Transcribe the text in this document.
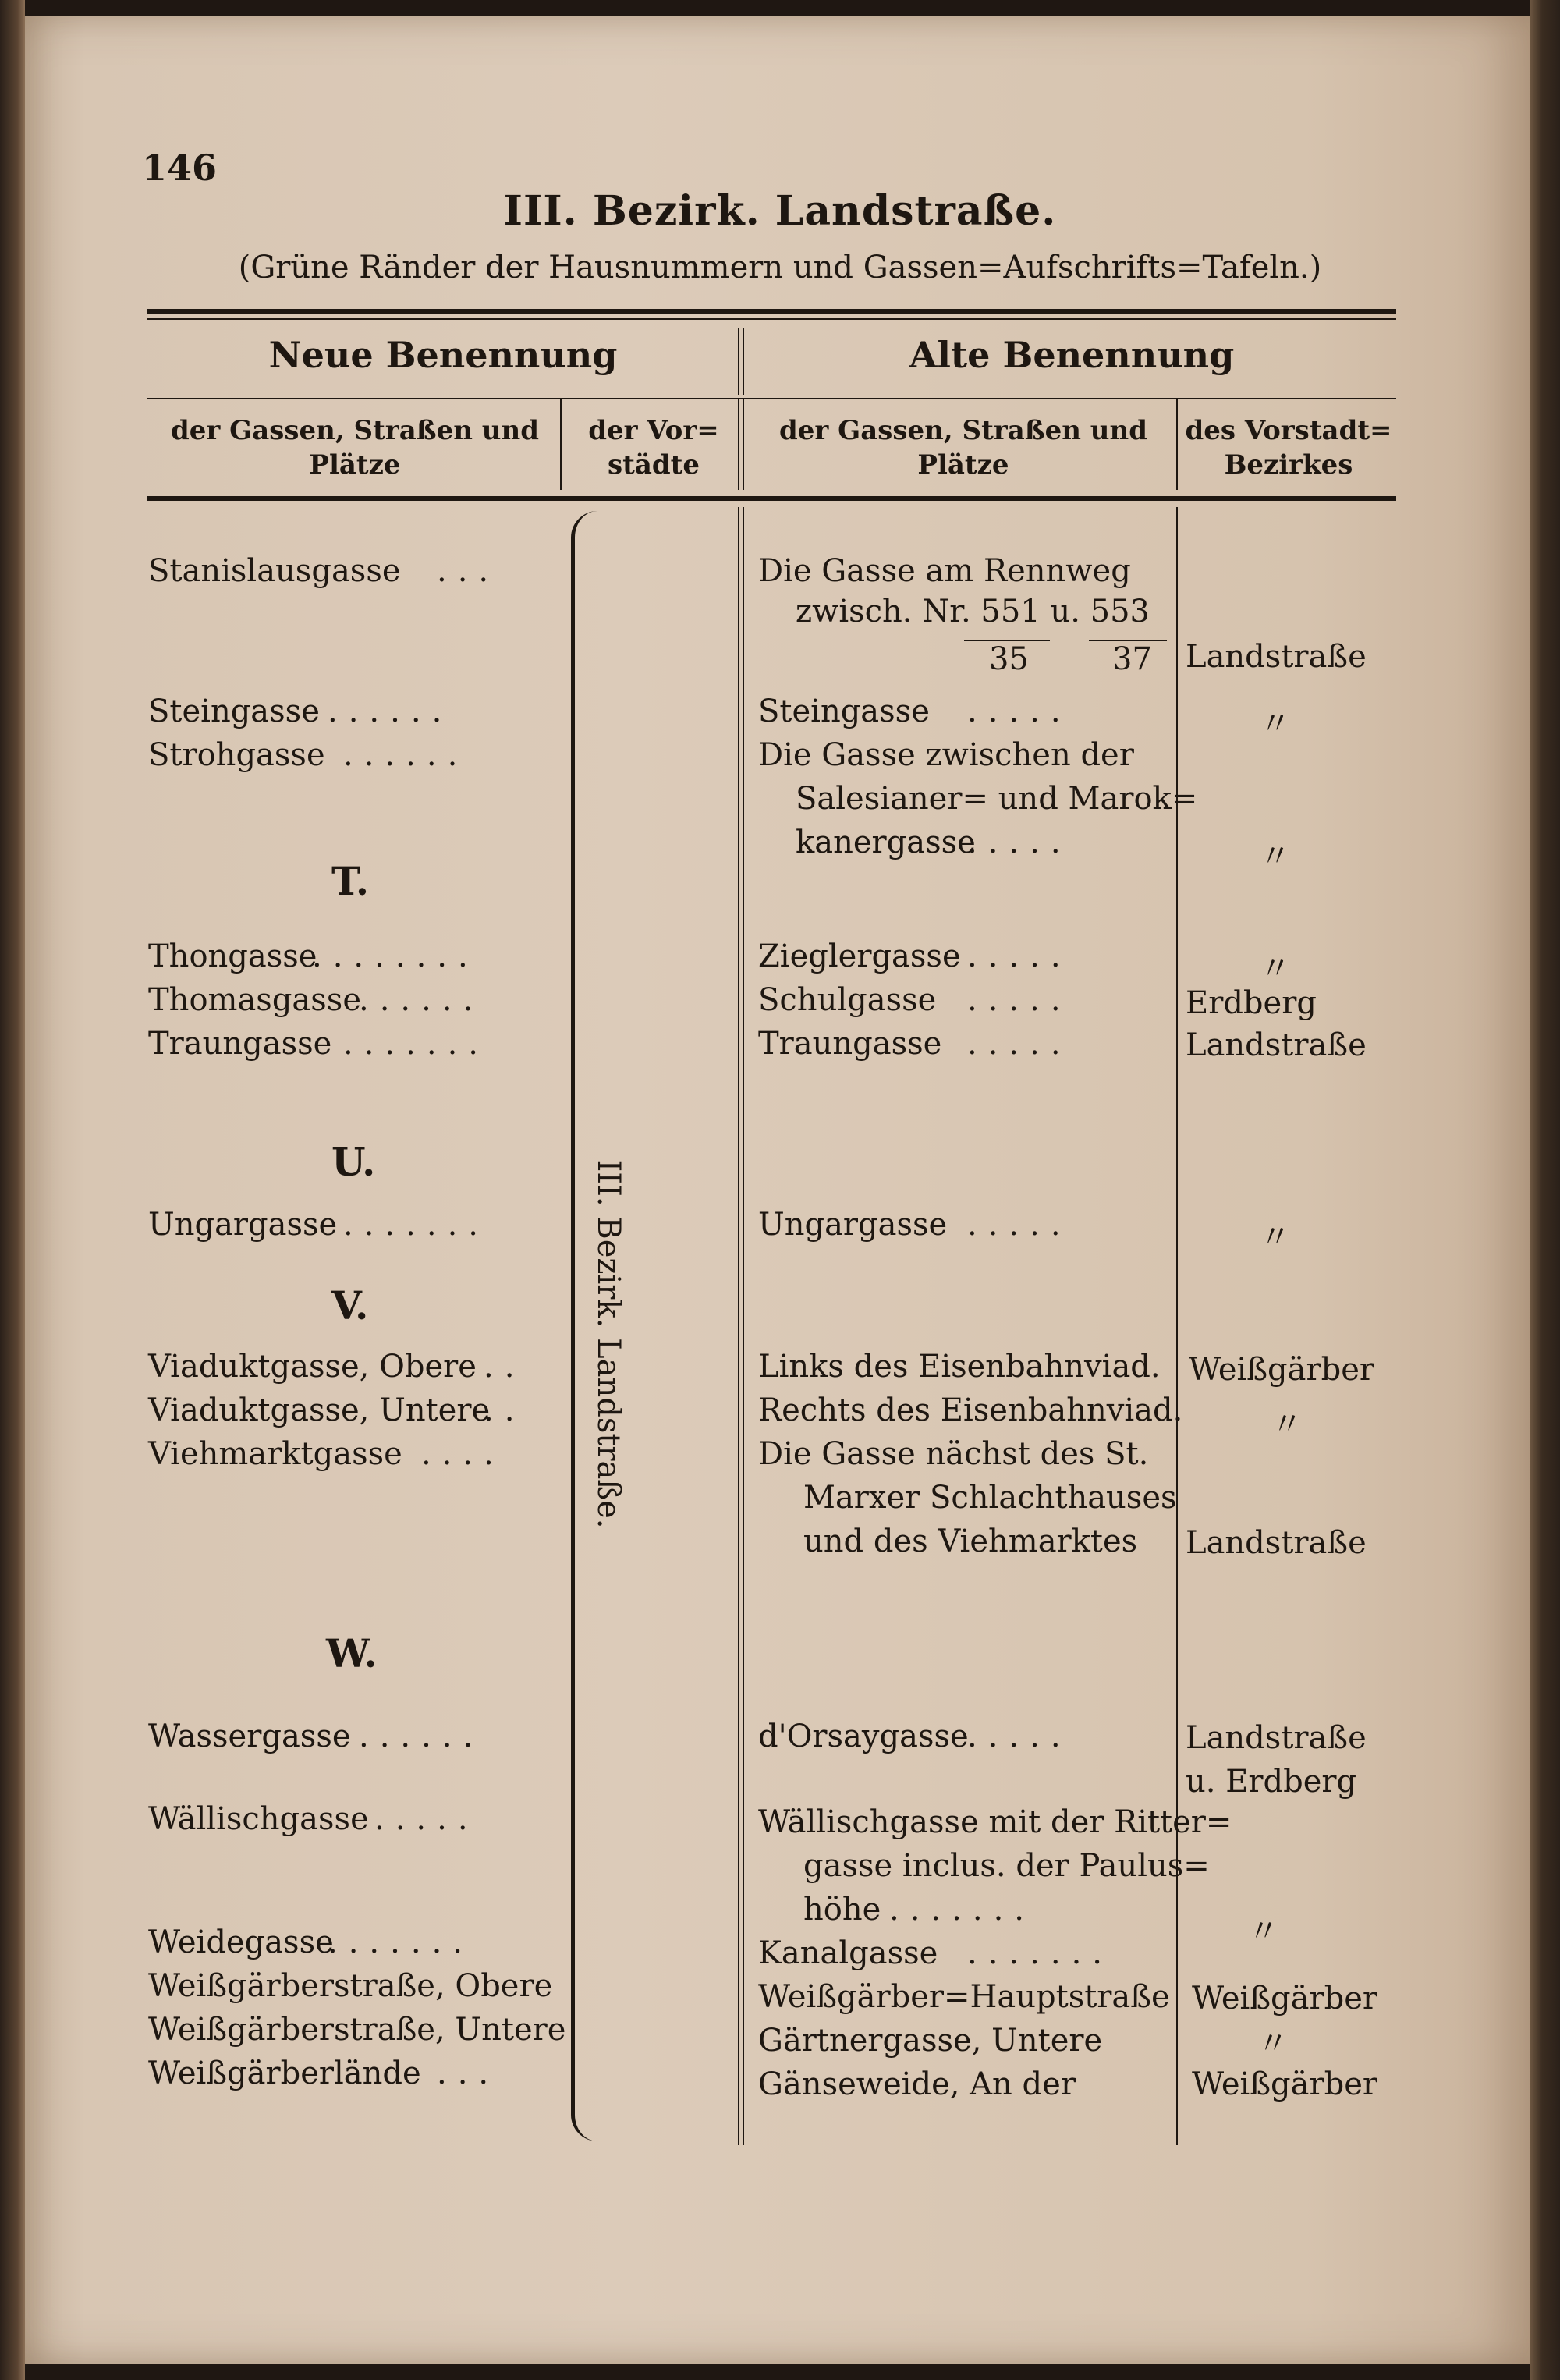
146
III. Bezirk. Landstraße.
(Grüne Ränder der Hausnummern und Gassen=Aufschrifts=Tafeln.)
Neue Benennung	Alte Benennung
der Gassen, Straßen und Plätze
der Vor= städte
der Gassen, Straßen und Plätze
des Vorstadt= Bezirkes
III. Bezirk. Landstraße.
Stanislausgasse ...
Steingasse ......
Strohgasse ......
T.
Thongasse
........
Thomasgasse
......
Traungasse .......
U.
Ungargasse .......
V.
Viaduktgasse, Obere ..
Viaduktgasse, Untere
..
Viehmarktgasse ....
W.
Wassergasse ......
Wällischgasse .....
Weidegasse
.......
Weißgärberstraße, Obere
Weißgärberstraße, Untere
Weißgärberlände ...
Die Gasse am Rennweg
zwisch. Nr. 551 u. 553
35	37
Steingasse .....
Die Gasse zwischen der
Salesianer= und Marok=
kanergasse
.....
Zieglergasse .....
Schulgasse .....
Traungasse .....
Ungargasse .....
Links des Eisenbahnviad.
Rechts des Eisenbahnviad.
Die Gasse nächst des St.
Marxer Schlachthauses
und des Viehmarktes
d'Orsaygasse
.....
Wällischgasse mit der Ritter=
gasse inclus. der Paulus=
höhe .......
Kanalgasse .......
Weißgärber=Hauptstraße
Gärtnergasse, Untere
Gänseweide, An der
Landstraße
〃
〃
〃
Erdberg
Landstraße
〃
Weißgärber
〃
Landstraße
Landstraße u. Erdberg
〃
Weißgärber
〃
Weißgärber
